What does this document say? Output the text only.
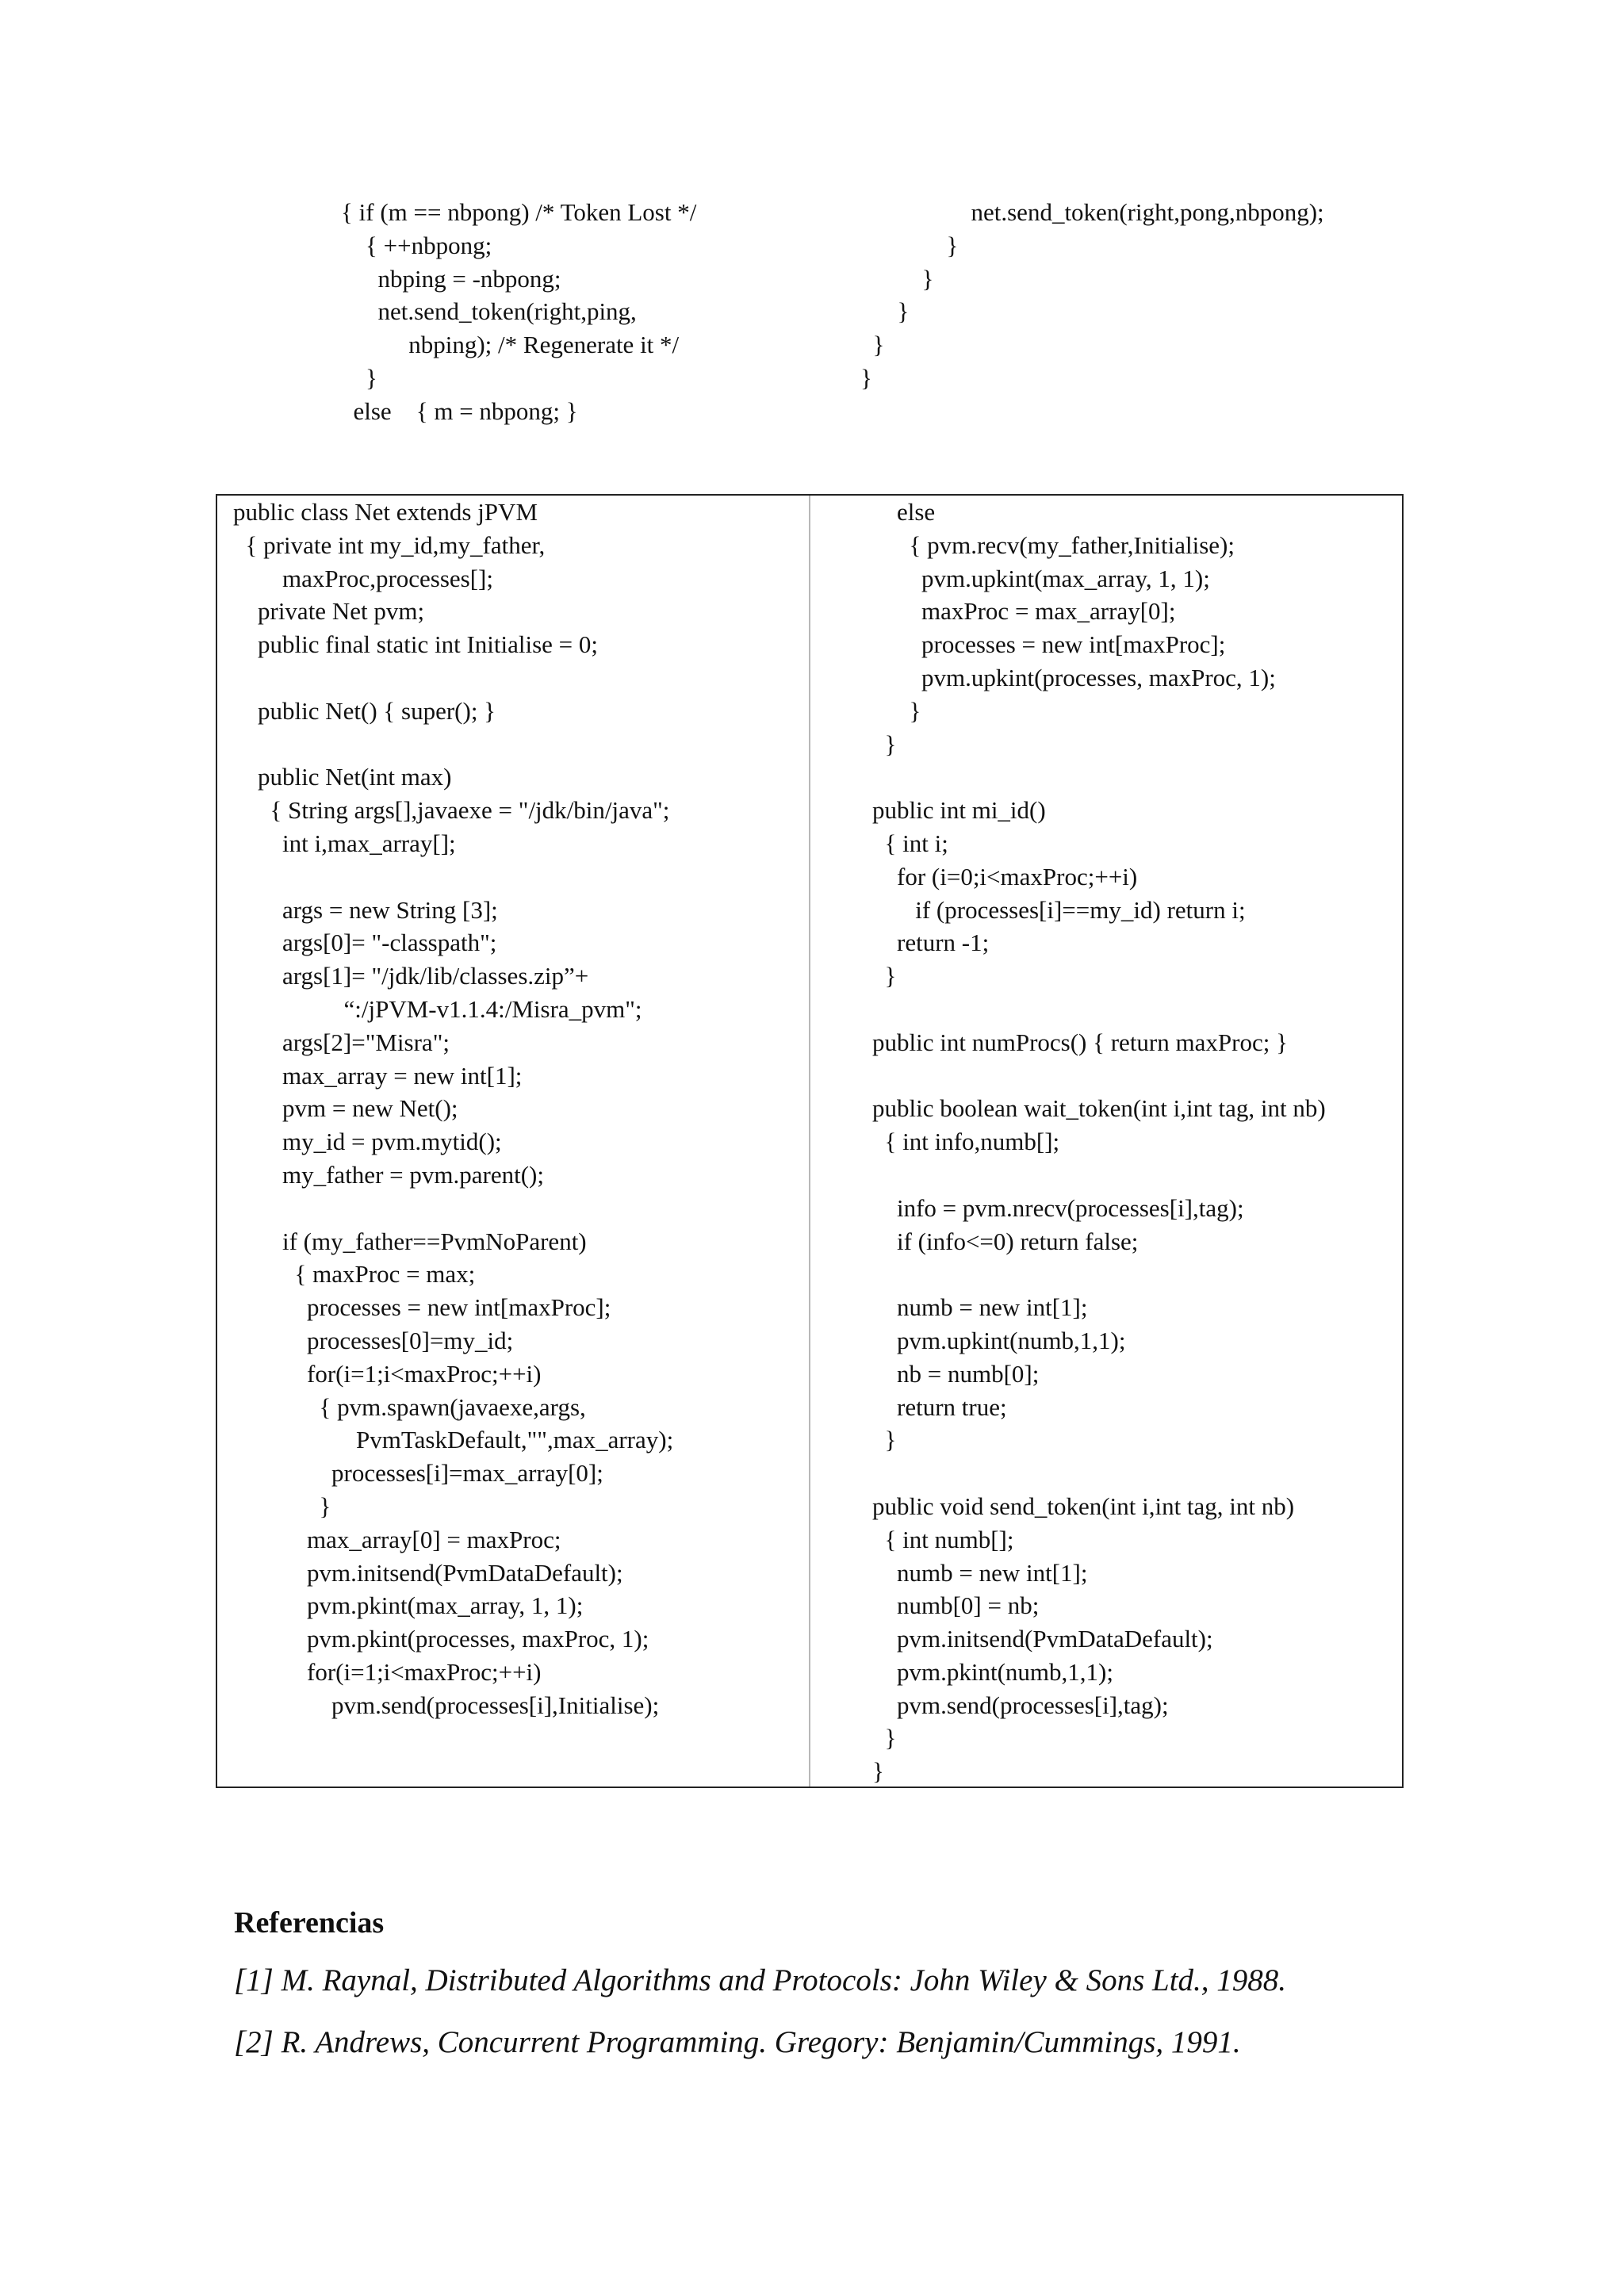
{ if (m == nbpong) /* Token Lost */
{ ++nbpong;
nbping = -nbpong;
net.send_token(right,ping,
nbping); /* Regenerate it */
}
else    { m = nbpong; }
net.send_token(right,pong,nbpong);
}
}
}
}
}
public class Net extends jPVM
{ private int my_id,my_father,
maxProc,processes[];
private Net pvm;
public final static int Initialise = 0;

public Net() { super(); }

public Net(int max)
{ String args[],javaexe = "/jdk/bin/java";
int i,max_array[];

args = new String [3];
args[0]= "-classpath";
args[1]= "/jdk/lib/classes.zip”+
“:/jPVM-v1.1.4:/Misra_pvm";
args[2]="Misra";
max_array = new int[1];
pvm = new Net();
my_id = pvm.mytid();
my_father = pvm.parent();

if (my_father==PvmNoParent)
{ maxProc = max;
processes = new int[maxProc];
processes[0]=my_id;
for(i=1;i<maxProc;++i)
{ pvm.spawn(javaexe,args,
PvmTaskDefault,"",max_array);
processes[i]=max_array[0];
}
max_array[0] = maxProc;
pvm.initsend(PvmDataDefault);
pvm.pkint(max_array, 1, 1);
pvm.pkint(processes, maxProc, 1);
for(i=1;i<maxProc;++i)
pvm.send(processes[i],Initialise);
else
{ pvm.recv(my_father,Initialise);
pvm.upkint(max_array, 1, 1);
maxProc = max_array[0];
processes = new int[maxProc];
pvm.upkint(processes, maxProc, 1);
}
}

public int mi_id()
{ int i;
for (i=0;i<maxProc;++i)
if (processes[i]==my_id) return i;
return -1;
}

public int numProcs() { return maxProc; }

public boolean wait_token(int i,int tag, int nb)
{ int info,numb[];

info = pvm.nrecv(processes[i],tag);
if (info<=0) return false;

numb = new int[1];
pvm.upkint(numb,1,1);
nb = numb[0];
return true;
}

public void send_token(int i,int tag, int nb)
{ int numb[];
numb = new int[1];
numb[0] = nb;
pvm.initsend(PvmDataDefault);
pvm.pkint(numb,1,1);
pvm.send(processes[i],tag);
}
}
Referencias
[1] M. Raynal, Distributed Algorithms and Protocols: John Wiley & Sons Ltd., 1988.
[2] R. Andrews, Concurrent Programming. Gregory: Benjamin/Cummings, 1991.
